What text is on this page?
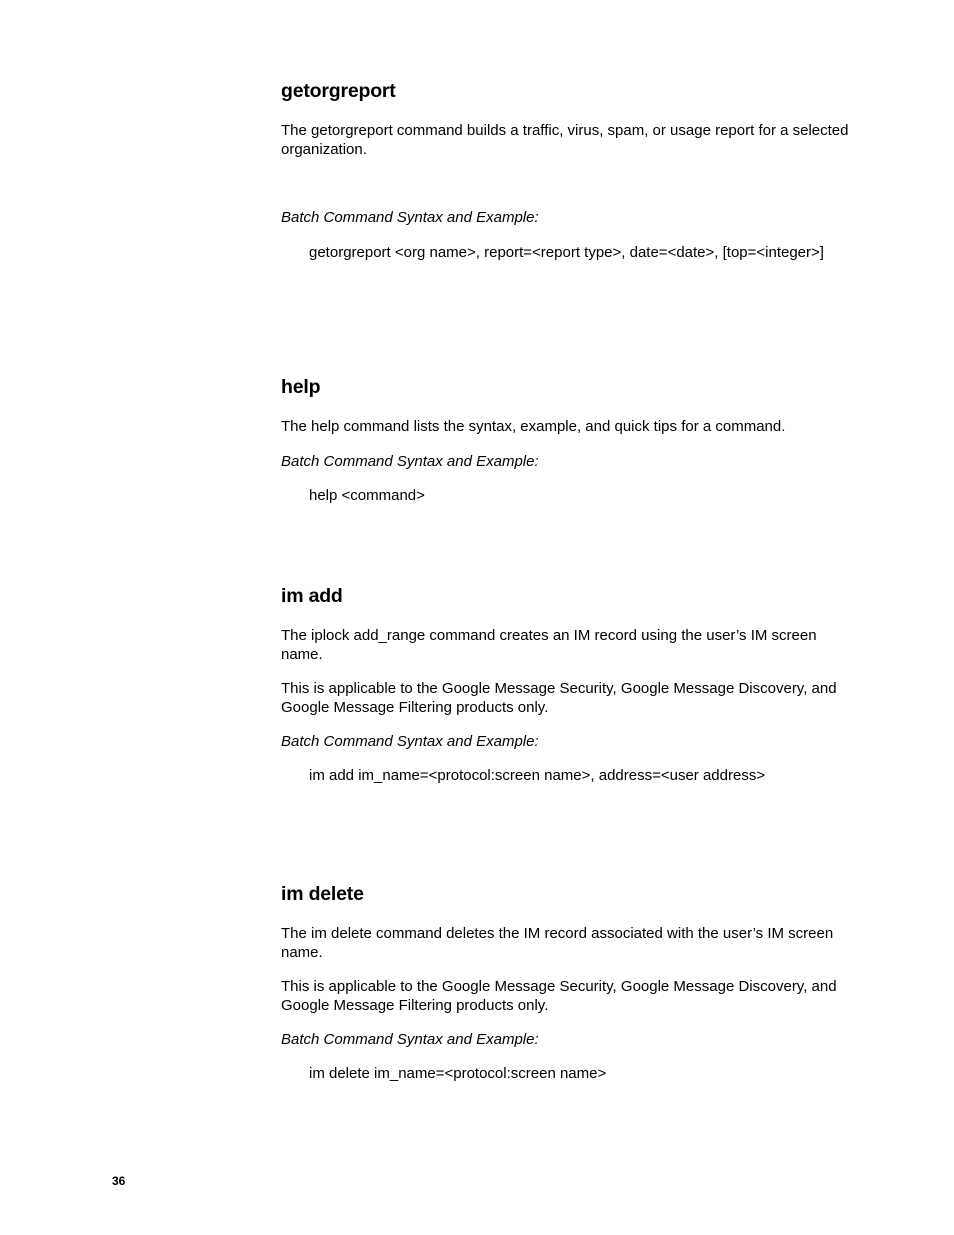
getorgreport

The getorgreport command builds a traffic, virus, spam, or usage report for a selected organization.

Batch Command Syntax and Example:

getorgreport <org name>, report=<report type>, date=<date>, [top=<integer>]

help

The help command lists the syntax, example, and quick tips for a command.

Batch Command Syntax and Example:

help <command>

im add

The iplock add_range command creates an IM record using the user’s IM screen name.

This is applicable to the Google Message Security, Google Message Discovery, and Google Message Filtering products only.

Batch Command Syntax and Example:

im add im_name=<protocol:screen name>, address=<user address>

im delete

The im delete command deletes the IM record associated with the user’s IM screen name.

This is applicable to the Google Message Security, Google Message Discovery, and Google Message Filtering products only.

Batch Command Syntax and Example:

im delete im_name=<protocol:screen name>

36
